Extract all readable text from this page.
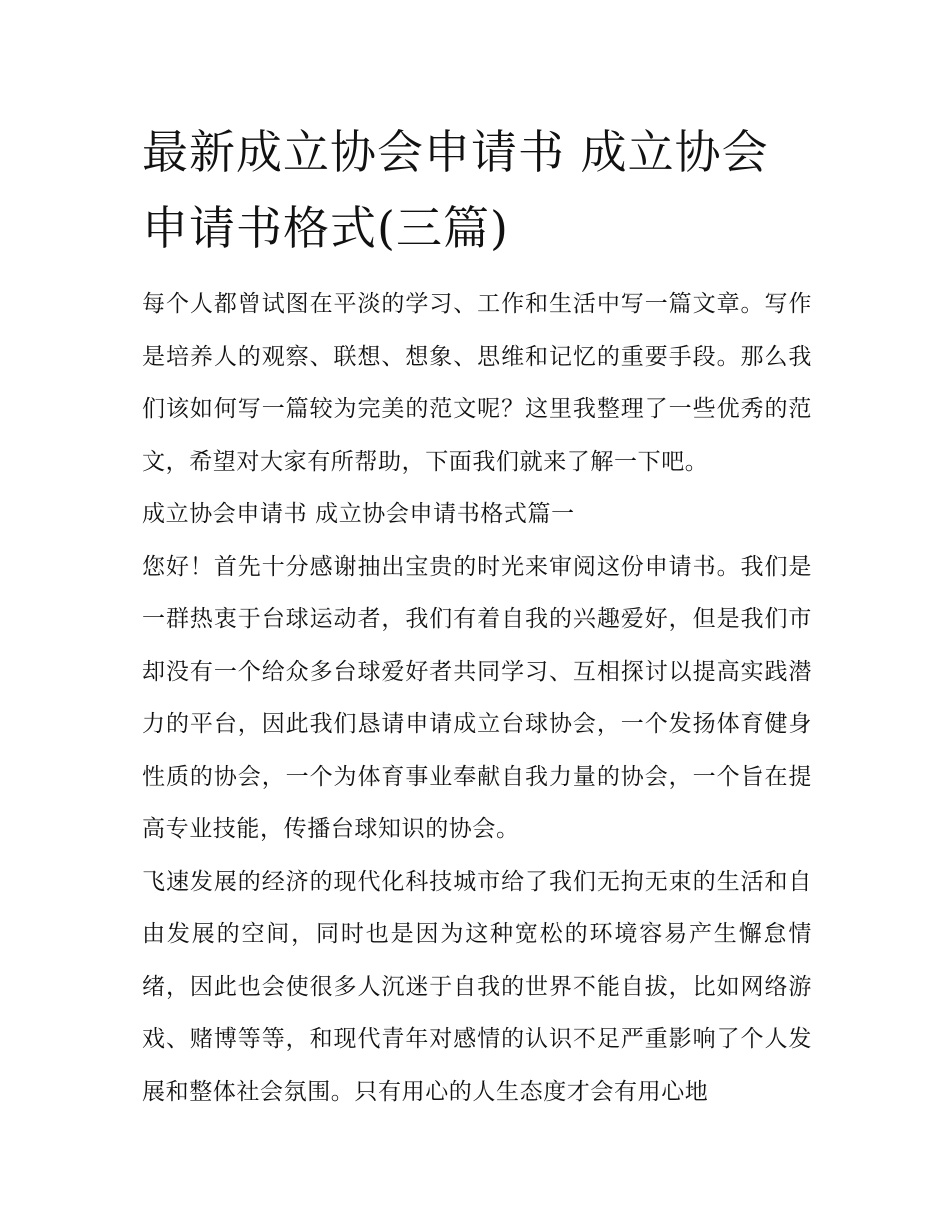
最新成立协会申请书 成立协会申请书格式(三篇)

每个人都曾试图在平淡的学习、工作和生活中写一篇文章。写作是培养人的观察、联想、想象、思维和记忆的重要手段。那么我们该如何写一篇较为完美的范文呢？这里我整理了一些优秀的范文，希望对大家有所帮助，下面我们就来了解一下吧。

成立协会申请书 成立协会申请书格式篇一

您好！首先十分感谢抽出宝贵的时光来审阅这份申请书。我们是一群热衷于台球运动者，我们有着自我的兴趣爱好，但是我们市却没有一个给众多台球爱好者共同学习、互相探讨以提高实践潜力的平台，因此我们恳请申请成立台球协会，一个发扬体育健身性质的协会，一个为体育事业奉献自我力量的协会，一个旨在提高专业技能，传播台球知识的协会。

飞速发展的经济的现代化科技城市给了我们无拘无束的生活和自由发展的空间，同时也是因为这种宽松的环境容易产生懈怠情绪，因此也会使很多人沉迷于自我的世界不能自拔，比如网络游戏、赌博等等，和现代青年对感情的认识不足严重影响了个人发展和整体社会氛围。只有用心的人生态度才会有用心地
